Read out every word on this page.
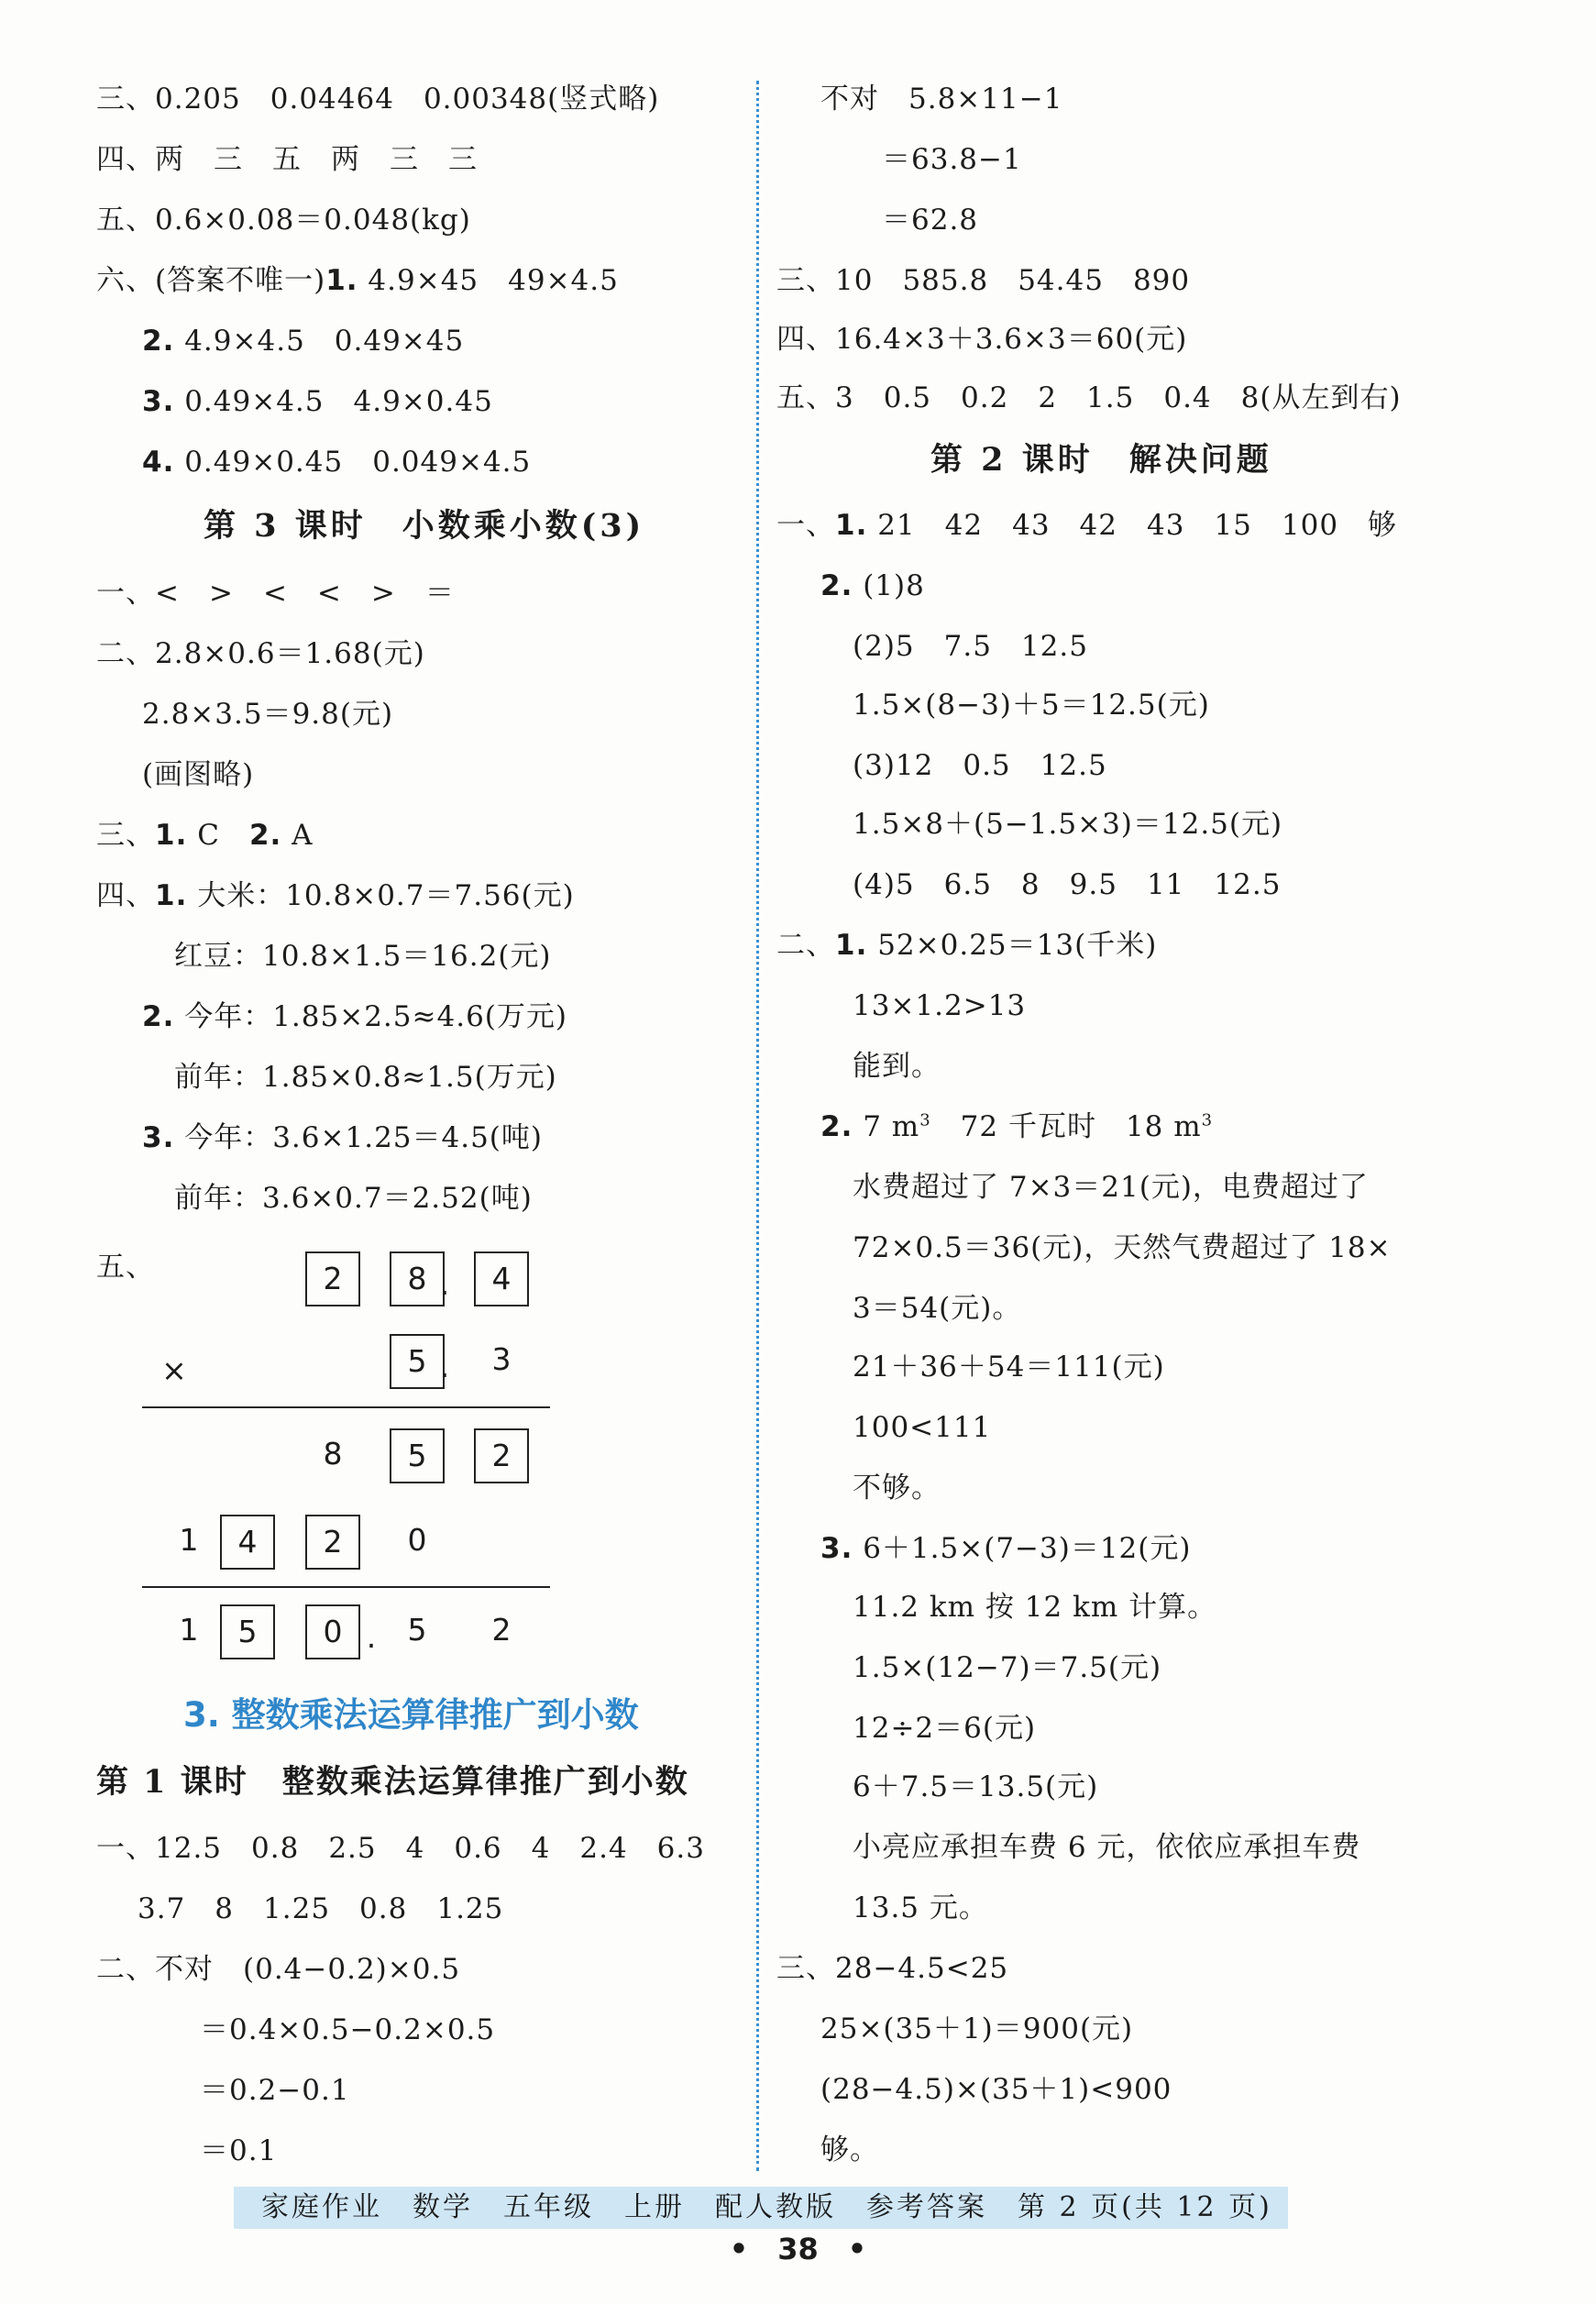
三、0.205　0.04464　0.00348(竖式略)
四、两　三　五　两　三　三
五、0.6×0.08＝0.048(kg)
六、(答案不唯一)1. 4.9×45　49×4.5
2. 4.9×4.5　0.49×45
3. 0.49×4.5　4.9×0.45
4. 0.49×0.45　0.049×4.5
第 3 课时　小数乘小数(3)
一、<　>　<　<　>　＝
二、2.8×0.6＝1.68(元)
2.8×3.5＝9.8(元)
(画图略)
三、1. C　2. A
四、1. 大米：10.8×0.7＝7.56(元)
红豆：10.8×1.5＝16.2(元)
2. 今年：1.85×2.5≈4.6(万元)
前年：1.85×0.8≈1.5(万元)
3. 今年：3.6×1.25＝4.5(吨)
前年：3.6×0.7＝2.52(吨)
五、	2	8 .	4
×	5 .	3
8	5	2
1	4	2	0
1	5	0 .	5	2
3. 整数乘法运算律推广到小数
第 1 课时　整数乘法运算律推广到小数
一、12.5　0.8　2.5　4　0.6　4　2.4　6.3
3.7　8　1.25　0.8　1.25
二、不对　(0.4−0.2)×0.5
＝0.4×0.5−0.2×0.5
＝0.2−0.1
＝0.1
不对　5.8×11−1
＝63.8−1
＝62.8
三、10　585.8　54.45　890
四、16.4×3＋3.6×3＝60(元)
五、3　0.5　0.2　2　1.5　0.4　8(从左到右)
第 2 课时　解决问题
一、1. 21　42　43　42　43　15　100　够
2. (1)8
(2)5　7.5　12.5
1.5×(8−3)＋5＝12.5(元)
(3)12　0.5　12.5
1.5×8＋(5−1.5×3)＝12.5(元)
(4)5　6.5　8　9.5　11　12.5
二、1. 52×0.25＝13(千米)
13×1.2>13
能到。
2. 7 $m^3$　72 千瓦时　18 $m^3$
水费超过了 7×3＝21(元)，电费超过了
72×0.5＝36(元)，天然气费超过了 18×
3＝54(元)。
21＋36＋54＝111(元)
100<111
不够。
3. 6＋1.5×(7−3)＝12(元)
11.2 km 按 12 km 计算。
1.5×(12−7)＝7.5(元)
12÷2＝6(元)
6＋7.5＝13.5(元)
小亮应承担车费 6 元，依依应承担车费
13.5 元。
三、28−4.5<25
25×(35＋1)＝900(元)
(28−4.5)×(35＋1)<900
够。
家庭作业　数学　五年级　上册　配人教版　参考答案　第 2 页(共 12 页)
•　38　•
